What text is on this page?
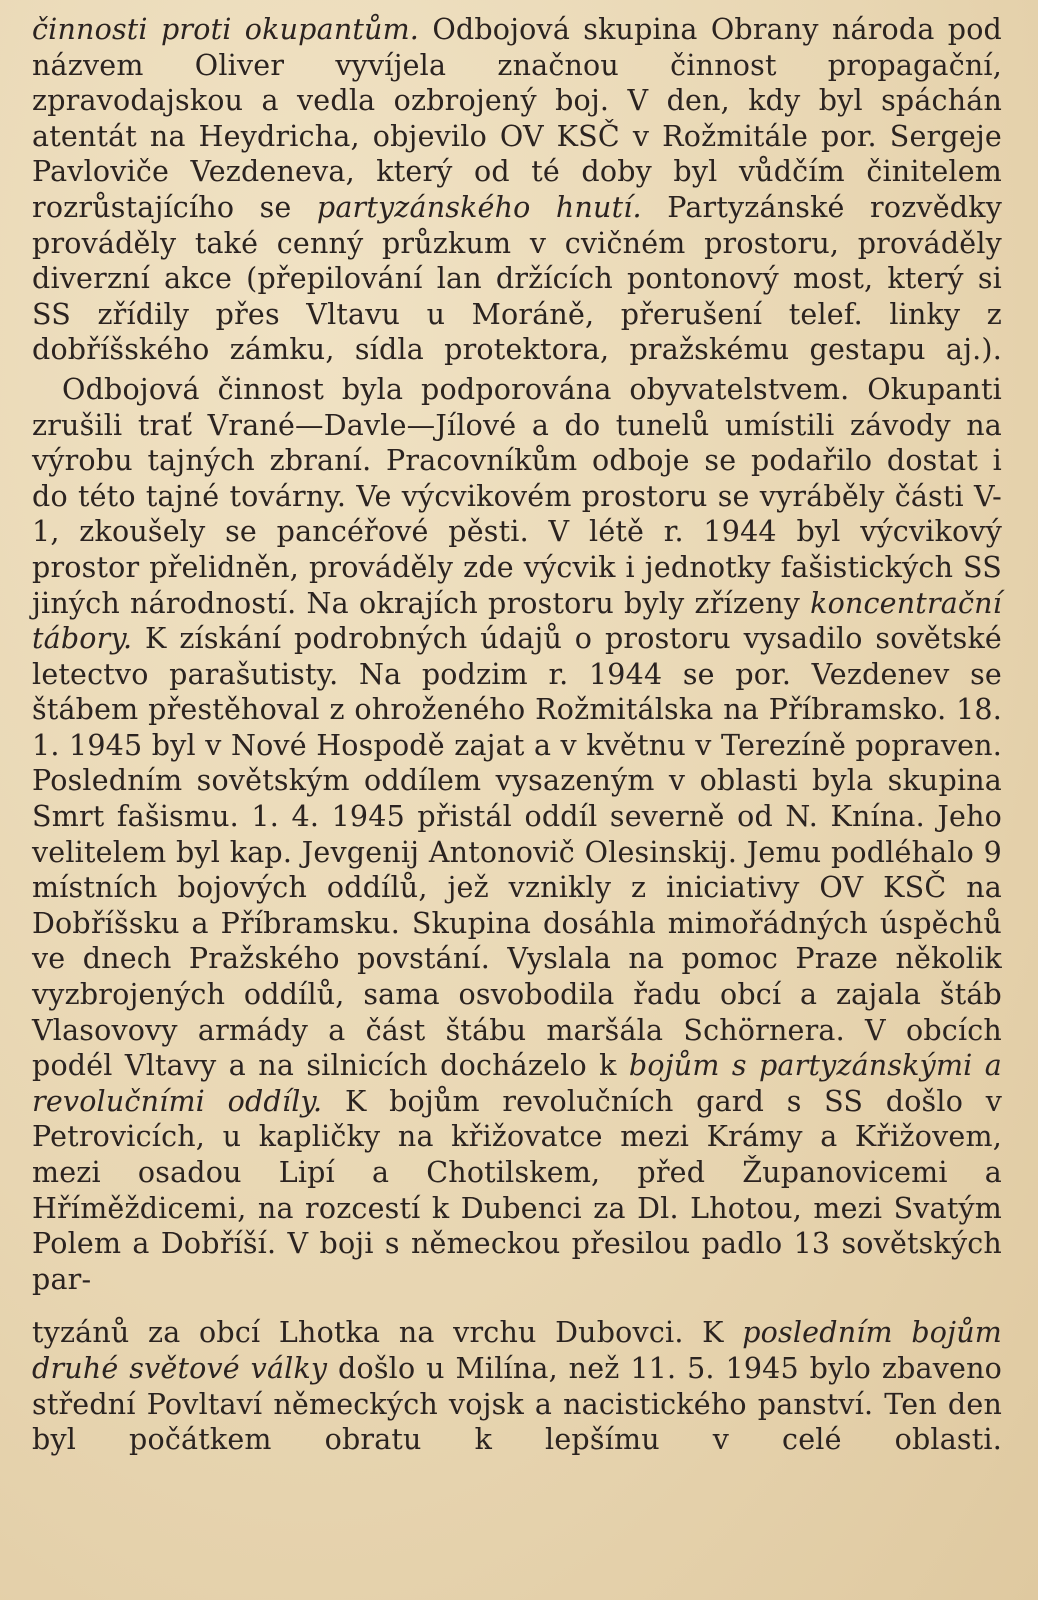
činnosti proti okupantům. Odbojová skupina Obrany národa pod názvem Oliver vyvíjela značnou činnost propagační, zpravodajskou a vedla ozbrojený boj. V den, kdy byl spáchán atentát na Heydricha, objevilo OV KSČ v Rožmitále por. Sergeje Pavloviče Vezdeneva, který od té doby byl vůdčím činitelem rozrůstajícího se partyzánského hnutí. Partyzánské rozvědky prováděly také cenný průzkum v cvičném prostoru, prováděly diverzní akce (přepilování lan držících pontonový most, který si SS zřídily přes Vltavu u Moráně, přerušení telef. linky z dobříšského zámku, sídla protektora, pražskému gestapu aj.).

Odbojová činnost byla podporována obyvatelstvem. Okupanti zrušili trať Vrané—Davle—Jílové a do tunelů umístili závody na výrobu tajných zbraní. Pracovníkům odboje se podařilo dostat i do této tajné továrny. Ve výcvikovém prostoru se vyráběly části V-1, zkoušely se pancéřové pěsti. V létě r. 1944 byl výcvikový prostor přelidněn, prováděly zde výcvik i jednotky fašistických SS jiných národností. Na okrajích prostoru byly zřízeny koncentrační tábory. K získání podrobných údajů o prostoru vysadilo sovětské letectvo parašutisty. Na podzim r. 1944 se por. Vezdenev se štábem přestěhoval z ohroženého Rožmitálska na Příbramsko. 18. 1. 1945 byl v Nové Hospodě zajat a v květnu v Terezíně popraven. Posledním sovětským oddílem vysazeným v oblasti byla skupina Smrt fašismu. 1. 4. 1945 přistál oddíl severně od N. Knína. Jeho velitelem byl kap. Jevgenij Antonovič Olesinskij. Jemu podléhalo 9 místních bojových oddílů, jež vznikly z iniciativy OV KSČ na Dobříšsku a Příbramsku. Skupina dosáhla mimořádných úspěchů ve dnech Pražského povstání. Vyslala na pomoc Praze několik vyzbrojených oddílů, sama osvobodila řadu obcí a zajala štáb Vlasovovy armády a část štábu maršála Schörnera. V obcích podél Vltavy a na silnicích docházelo k bojům s partyzánskými a revolučními oddíly. K bojům revolučních gard s SS došlo v Petrovicích, u kapličky na křižovatce mezi Krámy a Křižovem, mezi osadou Lipí a Chotilskem, před Županovicemi a Hříměždicemi, na rozcestí k Dubenci za Dl. Lhotou, mezi Svatým Polem a Dobříší. V boji s německou přesilou padlo 13 sovětských par-

tyzánů za obcí Lhotka na vrchu Dubovci. K posledním bojům druhé světové války došlo u Milína, než 11. 5. 1945 bylo zbaveno střední Povltaví německých vojsk a nacistického panství. Ten den byl počátkem obratu k lepšímu v celé oblasti.
